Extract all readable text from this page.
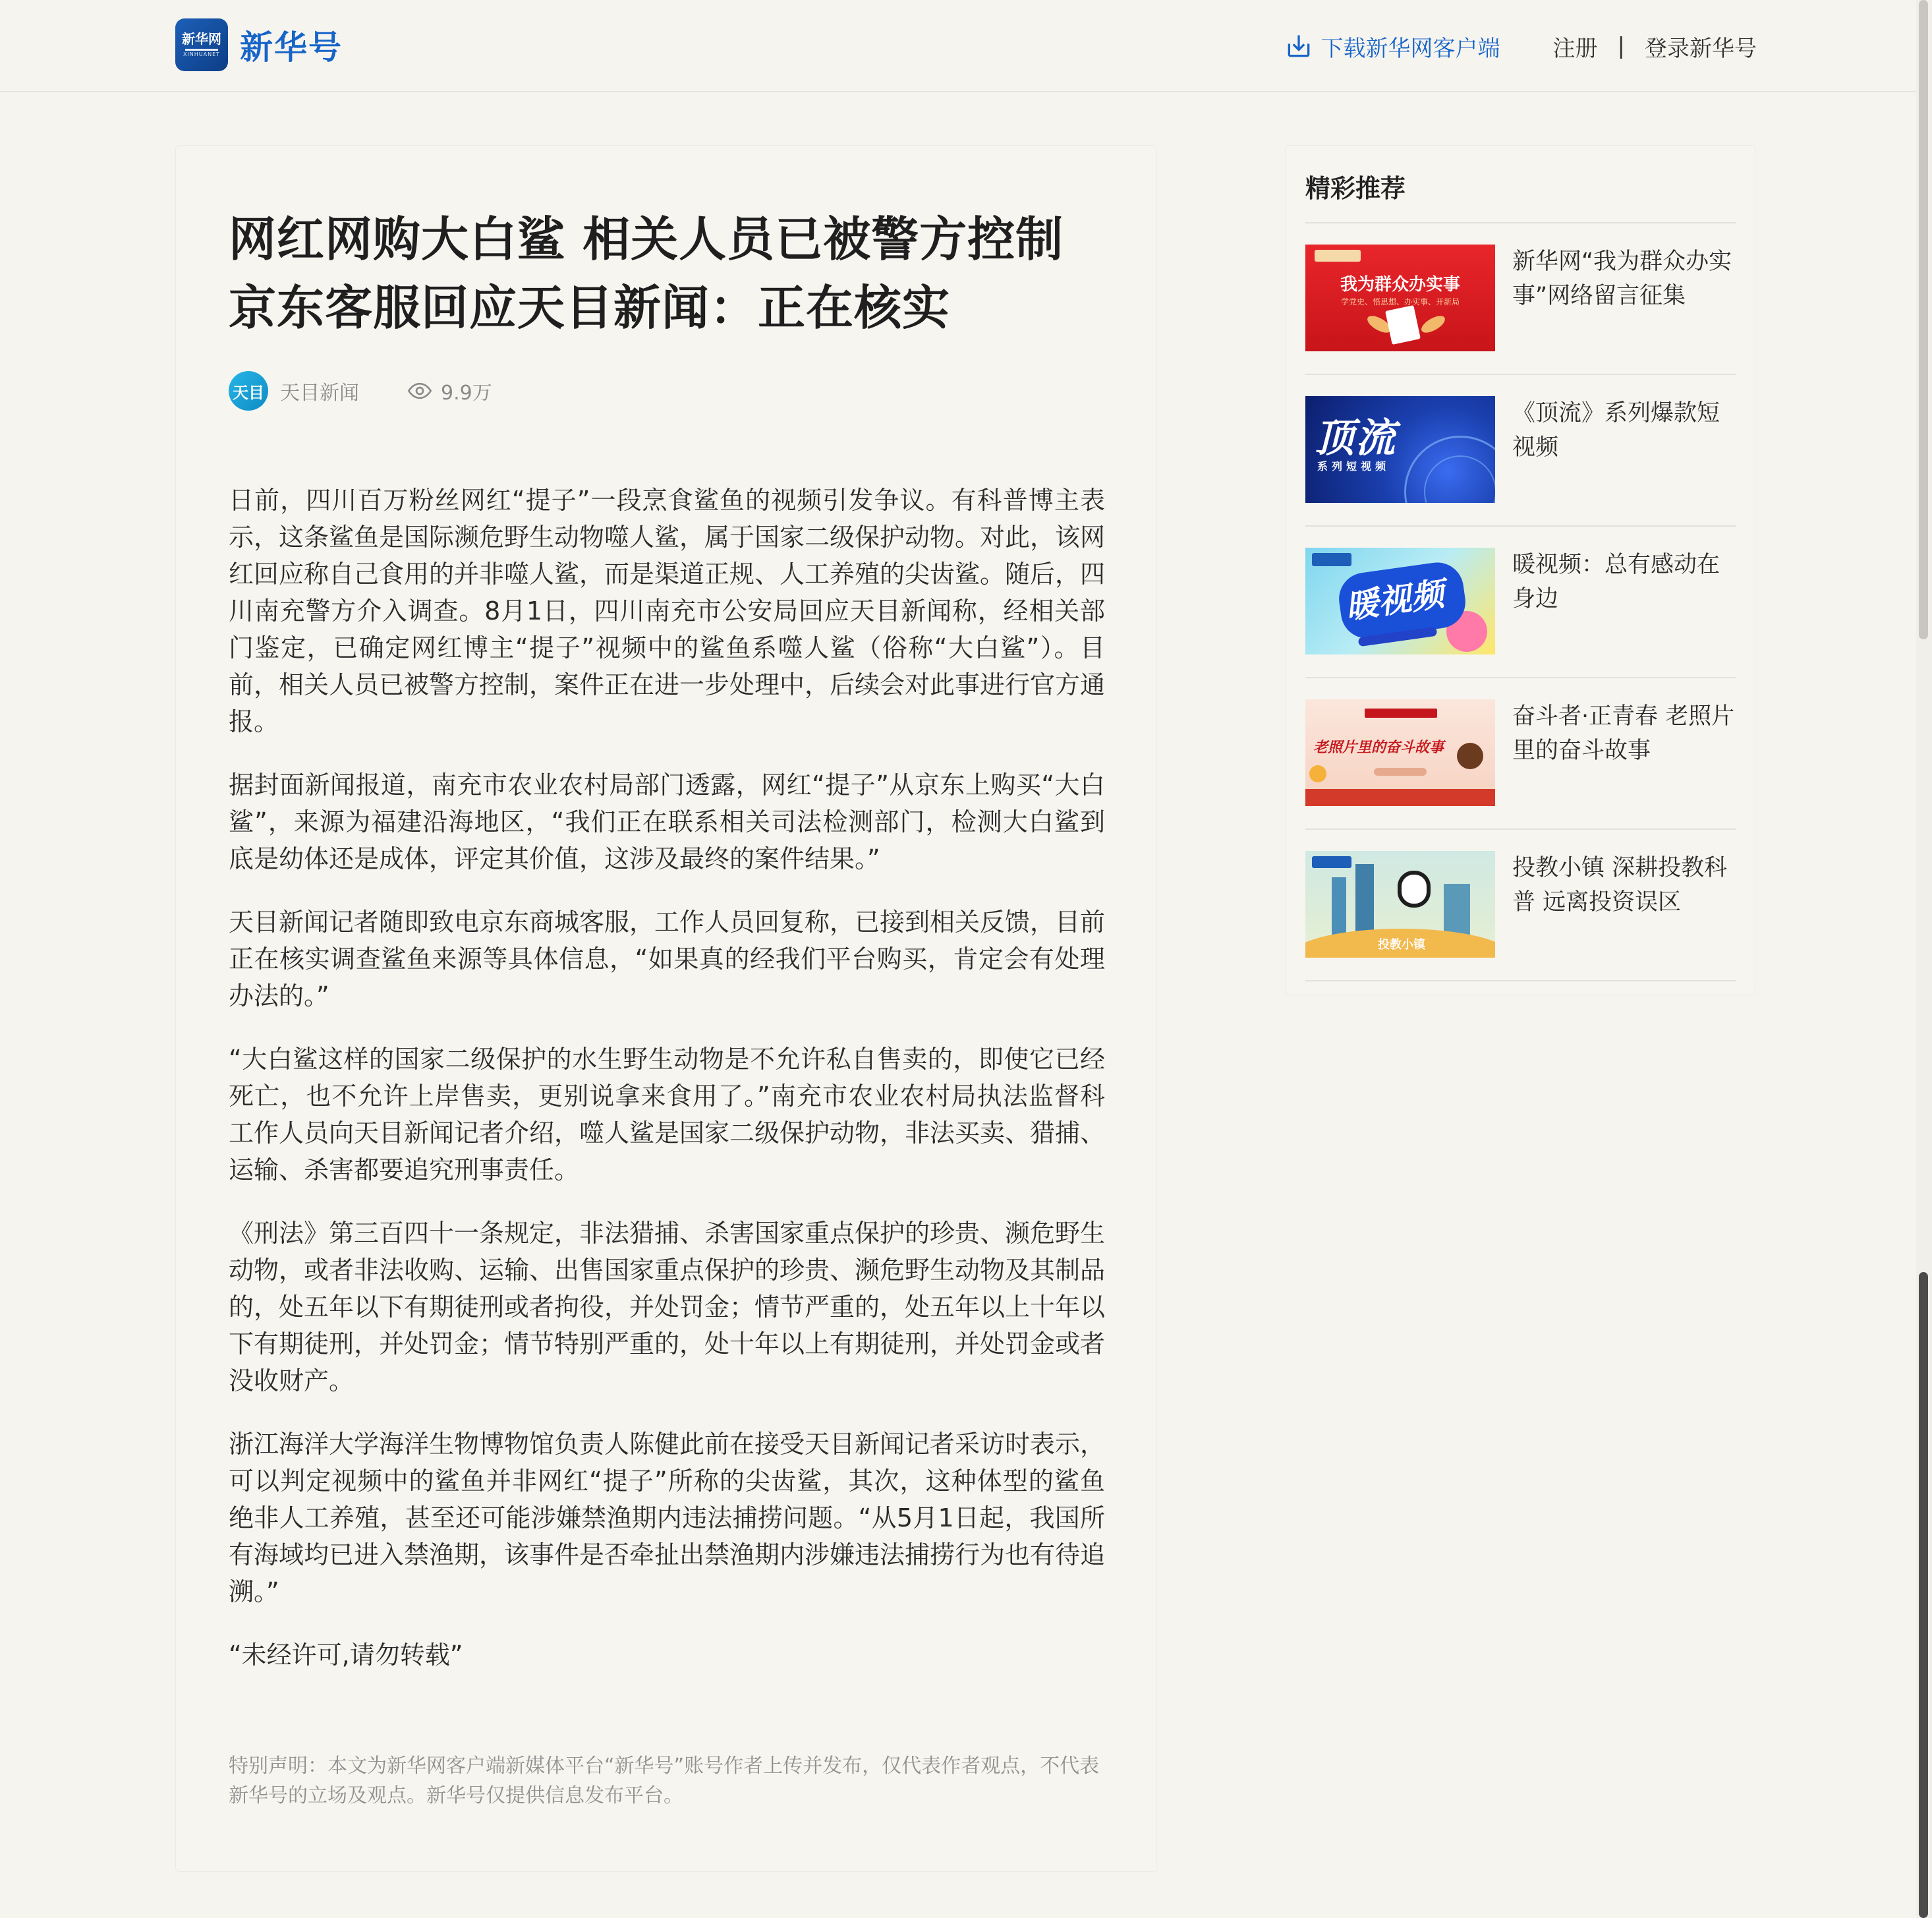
新华网
XINHUANET 新华号	下载新华网客户端 注册 | 登录新华号
网红网购大白鲨 相关人员已被警方控制 京东客服回应天目新闻：正在核实
天目 天目新闻	9.9万

日前，四川百万粉丝网红“提子”一段烹食鲨鱼的视频引发争议。有科普博主表示，这条鲨鱼是国际濒危野生动物噬人鲨，属于国家二级保护动物。对此，该网红回应称自己食用的并非噬人鲨，而是渠道正规、人工养殖的尖齿鲨。随后，四川南充警方介入调查。8月1日，四川南充市公安局回应天目新闻称，经相关部门鉴定，已确定网红博主“提子”视频中的鲨鱼系噬人鲨（俗称“大白鲨”）。目前，相关人员已被警方控制，案件正在进一步处理中，后续会对此事进行官方通报。

据封面新闻报道，南充市农业农村局部门透露，网红“提子”从京东上购买“大白鲨”，来源为福建沿海地区，“我们正在联系相关司法检测部门，检测大白鲨到底是幼体还是成体，评定其价值，这涉及最终的案件结果。”

天目新闻记者随即致电京东商城客服，工作人员回复称，已接到相关反馈，目前正在核实调查鲨鱼来源等具体信息，“如果真的经我们平台购买，肯定会有处理办法的。”

“大白鲨这样的国家二级保护的水生野生动物是不允许私自售卖的，即使它已经死亡，也不允许上岸售卖，更别说拿来食用了。”南充市农业农村局执法监督科工作人员向天目新闻记者介绍，噬人鲨是国家二级保护动物，非法买卖、猎捕、运输、杀害都要追究刑事责任。

《刑法》第三百四十一条规定，非法猎捕、杀害国家重点保护的珍贵、濒危野生动物，或者非法收购、运输、出售国家重点保护的珍贵、濒危野生动物及其制品的，处五年以下有期徒刑或者拘役，并处罚金；情节严重的，处五年以上十年以下有期徒刑，并处罚金；情节特别严重的，处十年以上有期徒刑，并处罚金或者没收财产。

浙江海洋大学海洋生物博物馆负责人陈健此前在接受天目新闻记者采访时表示，可以判定视频中的鲨鱼并非网红“提子”所称的尖齿鲨，其次，这种体型的鲨鱼绝非人工养殖，甚至还可能涉嫌禁渔期内违法捕捞问题。“从5月1日起，我国所有海域均已进入禁渔期，该事件是否牵扯出禁渔期内涉嫌违法捕捞行为也有待追溯。”

“未经许可,请勿转载”

特别声明：本文为新华网客户端新媒体平台“新华号”账号作者上传并发布，仅代表作者观点，不代表新华号的立场及观点。新华号仅提供信息发布平台。
精彩推荐
我为群众办实事
学党史、悟思想、办实事、开新局
新华网“我为群众办实事”网络留言征集
顶流
系列短视频
《顶流》系列爆款短视频
暖视频
暖视频：总有感动在身边
老照片里的奋斗故事
奋斗者·正青春 老照片里的奋斗故事
投教小镇
投教小镇 深耕投教科普 远离投资误区
